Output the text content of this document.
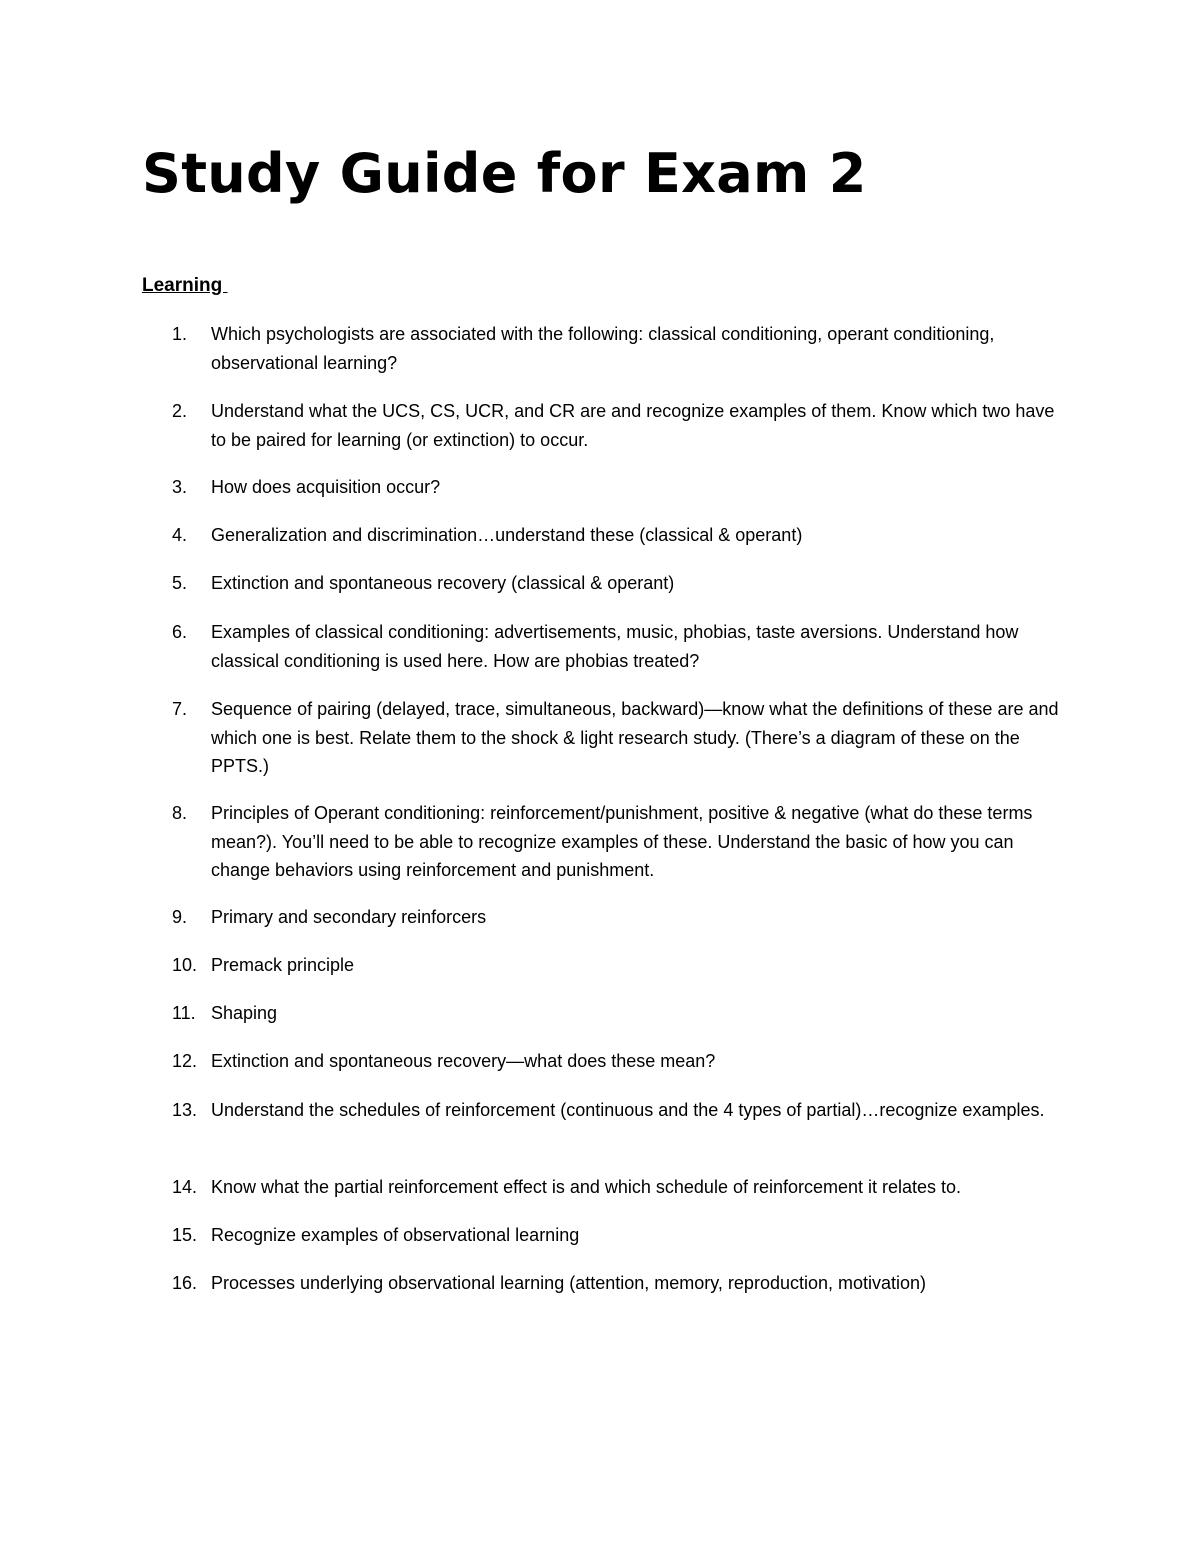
Study Guide for Exam 2
Learning
1.	Which psychologists are associated with the following: classical conditioning, operant conditioning, observational learning?
2.	Understand what the UCS, CS, UCR, and CR are and recognize examples of them. Know which two have to be paired for learning (or extinction) to occur.
3.	How does acquisition occur?
4.	Generalization and discrimination…understand these (classical & operant)
5.	Extinction and spontaneous recovery (classical & operant)
6.	Examples of classical conditioning: advertisements, music, phobias, taste aversions. Understand how classical conditioning is used here. How are phobias treated?
7.	Sequence of pairing (delayed, trace, simultaneous, backward)—know what the definitions of these are and which one is best. Relate them to the shock & light research study. (There’s a diagram of these on the PPTS.)
8.	Principles of Operant conditioning: reinforcement/punishment, positive & negative (what do these terms mean?). You’ll need to be able to recognize examples of these. Understand the basic of how you can change behaviors using reinforcement and punishment.
9.	Primary and secondary reinforcers
10. Premack principle
11. Shaping
12. Extinction and spontaneous recovery—what does these mean?
13. Understand the schedules of reinforcement (continuous and the 4 types of partial)…recognize examples.
14. Know what the partial reinforcement effect is and which schedule of reinforcement it relates to.
15. Recognize examples of observational learning
16. Processes underlying observational learning (attention, memory, reproduction, motivation)
